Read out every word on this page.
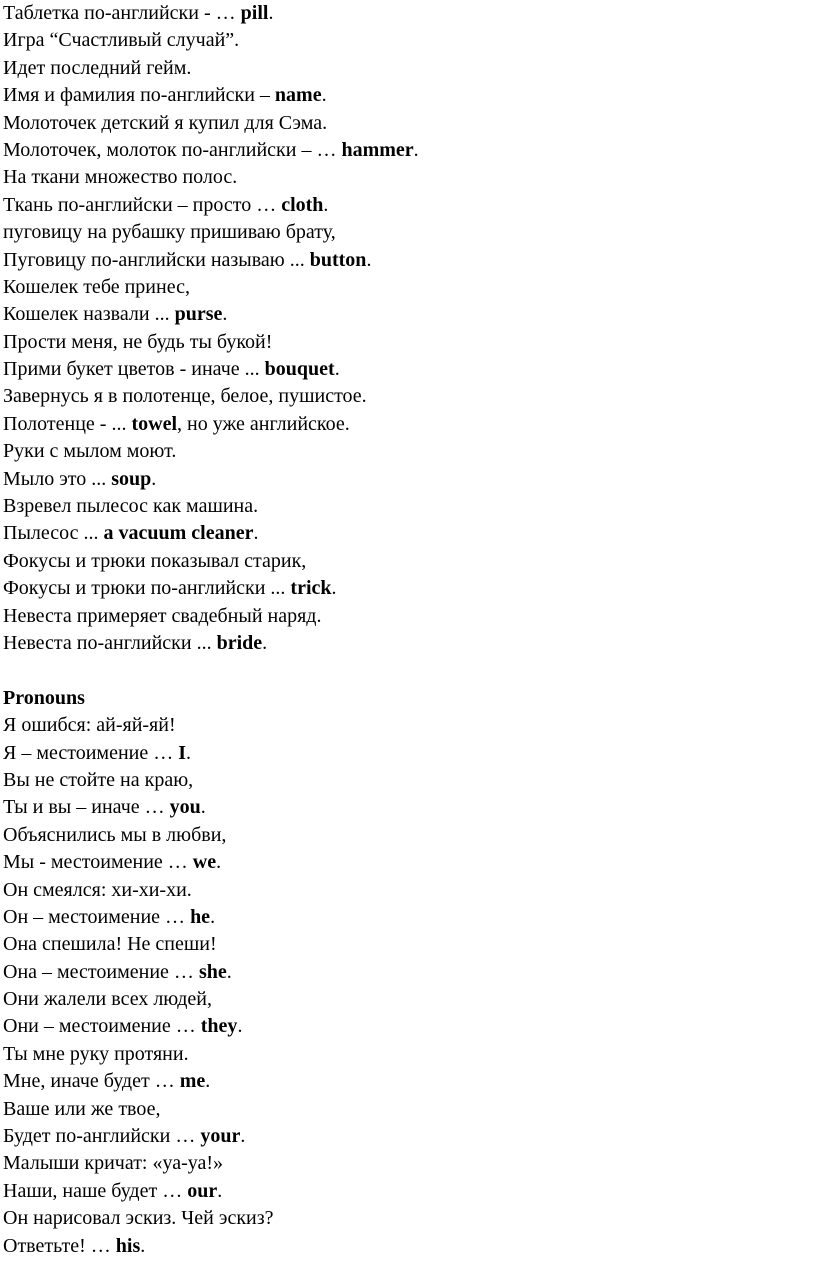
Таблетка по-английски - … pill.
Игра “Счастливый случай”.
Идет последний гейм.
Имя и фамилия по-английски – name.
Молоточек детский я купил для Сэма.
Молоточек, молоток по-английски – … hammer.
На ткани множество полос.
Ткань по-английски – просто … cloth.
пуговицу на рубашку пришиваю брату,
Пуговицу по-английски называю ... button.
Кошелек тебе принес,
Кошелек назвали ... purse.
Прости меня, не будь ты букой!
Прими букет цветов - иначе ... bouquet.
Завернусь я в полотенце, белое, пушистое.
Полотенце - ... towel, но уже английское.
Руки с мылом моют.
Мыло это ... soup.
Взревел пылесос как машина.
Пылесос ... a vacuum cleaner.
Фокусы и трюки показывал старик,
Фокусы и трюки по-английски ... trick.
Невеста примеряет свадебный наряд.
Невеста по-английски ... bride.
Pronouns
Я ошибся: ай-яй-яй!
Я – местоимение … I.
Вы не стойте на краю,
Ты и вы – иначе … you.
Объяснились мы в любви,
Мы - местоимение … we.
Он смеялся: хи-хи-хи.
Он – местоимение … he.
Она спешила! Не спеши!
Она – местоимение … she.
Они жалели всех людей,
Они – местоимение … they.
Ты мне руку протяни.
Мне, иначе будет … me.
Ваше или же твое,
Будет по-английски … your.
Малыши кричат: «уа-уа!»
Наши, наше будет … our.
Он нарисовал эскиз. Чей эскиз?
Ответьте! … his.
